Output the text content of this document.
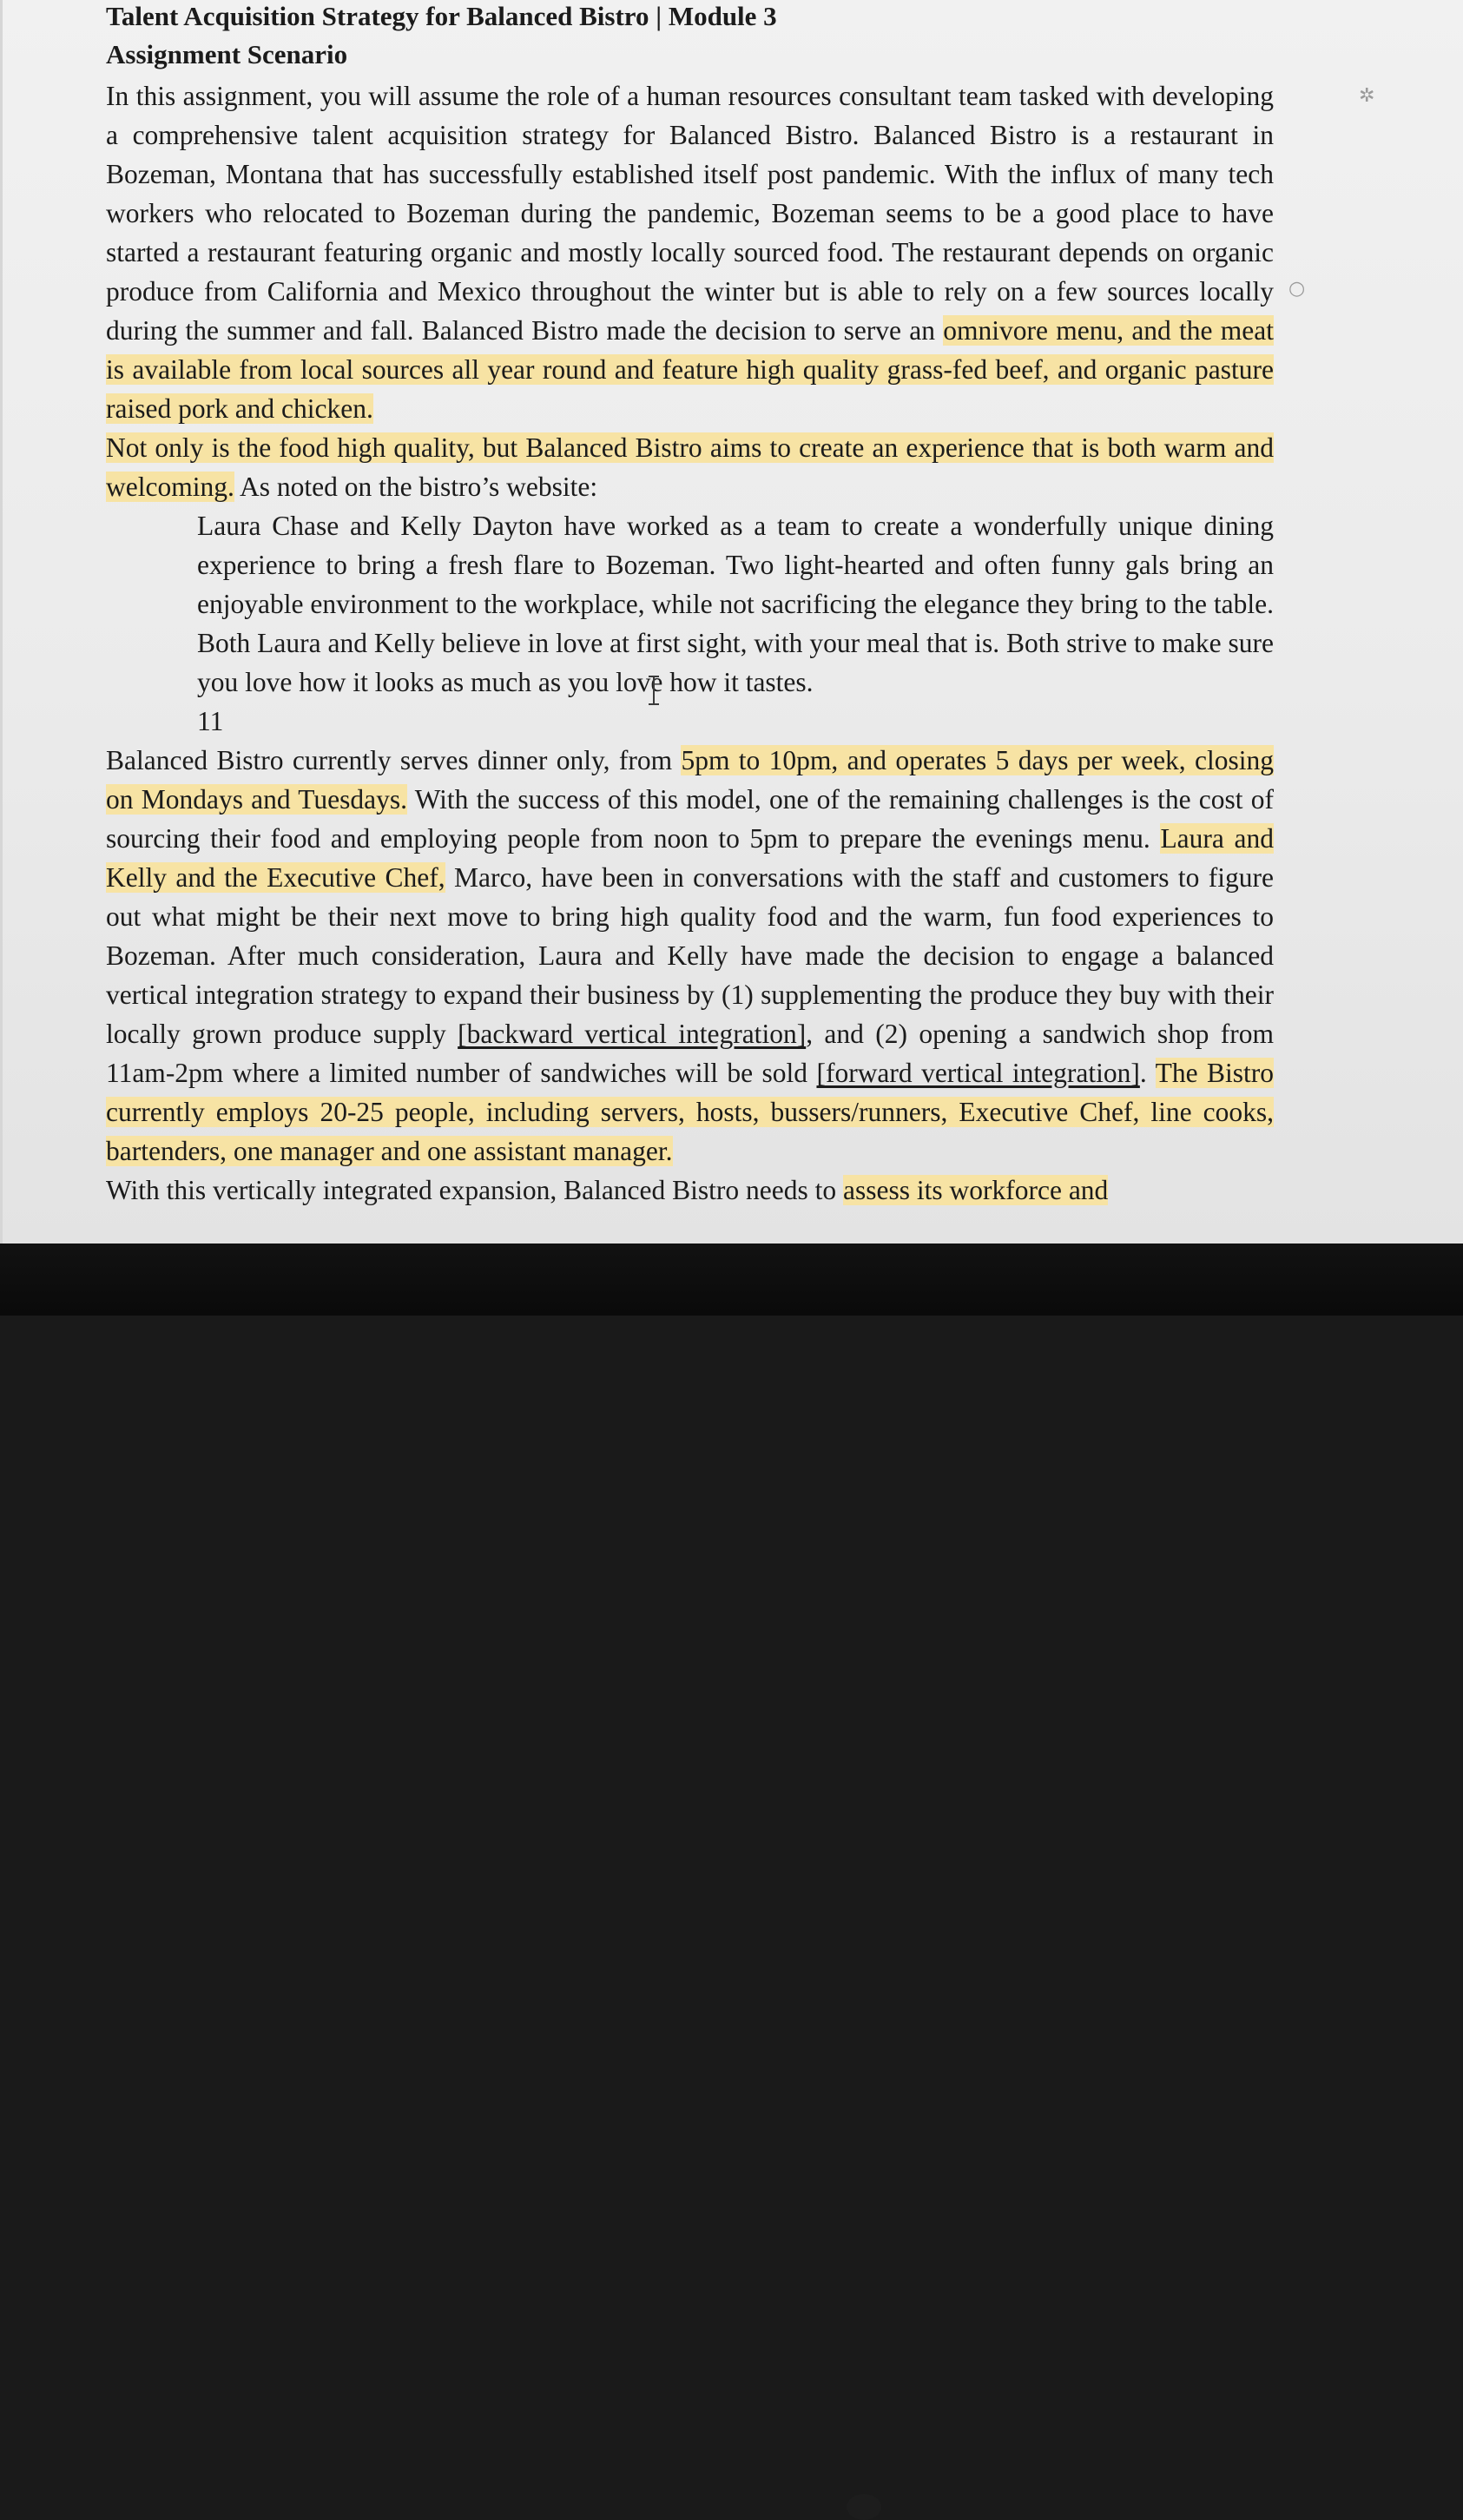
Talent Acquisition Strategy for Balanced Bistro | Module 3

Assignment Scenario

In this assignment, you will assume the role of a human resources consultant team tasked with developing a comprehensive talent acquisition strategy for Balanced Bistro. Balanced Bistro is a restaurant in Bozeman, Montana that has successfully established itself post pandemic. With the influx of many tech workers who relocated to Bozeman during the pandemic, Bozeman seems to be a good place to have started a restaurant featuring organic and mostly locally sourced food. The restaurant depends on organic produce from California and Mexico throughout the winter but is able to rely on a few sources locally during the summer and fall. Balanced Bistro made the decision to serve an omnivore menu, and the meat is available from local sources all year round and feature high quality grass-fed beef, and organic pasture raised pork and chicken.

Not only is the food high quality, but Balanced Bistro aims to create an experience that is both warm and welcoming. As noted on the bistro’s website:

Laura Chase and Kelly Dayton have worked as a team to create a wonderfully unique dining experience to bring a fresh flare to Bozeman. Two light-hearted and often funny gals bring an enjoyable environment to the workplace, while not sacrificing the elegance they bring to the table. Both Laura and Kelly believe in love at first sight, with your meal that is. Both strive to make sure you love how it looks as much as you love how it tastes.

11

Balanced Bistro currently serves dinner only, from 5pm to 10pm, and operates 5 days per week, closing on Mondays and Tuesdays. With the success of this model, one of the remaining challenges is the cost of sourcing their food and employing people from noon to 5pm to prepare the evenings menu. Laura and Kelly and the Executive Chef, Marco, have been in conversations with the staff and customers to figure out what might be their next move to bring high quality food and the warm, fun food experiences to Bozeman. After much consideration, Laura and Kelly have made the decision to engage a balanced vertical integration strategy to expand their business by (1) supplementing the produce they buy with their locally grown produce supply [backward vertical integration], and (2) opening a sandwich shop from 11am-2pm where a limited number of sandwiches will be sold [forward vertical integration]. The Bistro currently employs 20-25 people, including servers, hosts, bussers/runners, Executive Chef, line cooks, bartenders, one manager and one assistant manager.

With this vertically integrated expansion, Balanced Bistro needs to assess its workforce and

✲
○
